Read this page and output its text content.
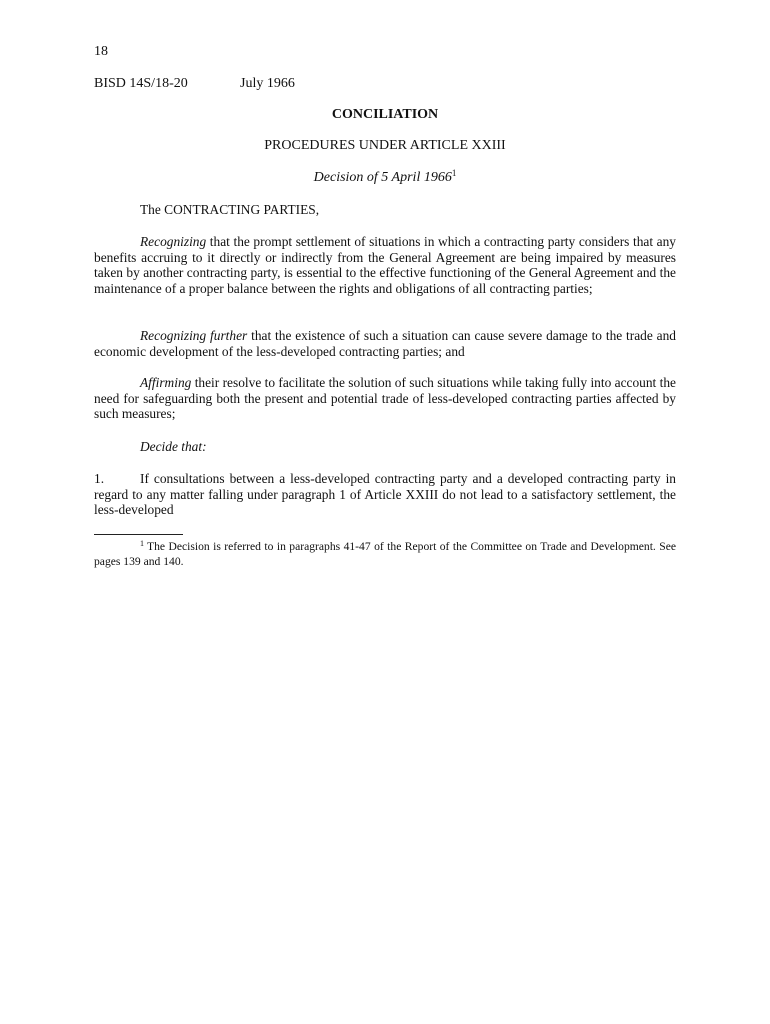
18

BISD 14S/18-20	July 1966

CONCILIATION

PROCEDURES UNDER ARTICLE XXIII

Decision of 5 April 1966$^1$

The CONTRACTING PARTIES,

Recognizing that the prompt settlement of situations in which a contracting party considers that any benefits accruing to it directly or indirectly from the General Agreement are being impaired by measures taken by another contracting party, is essential to the effective functioning of the General Agreement and the maintenance of a proper balance between the rights and obligations of all contracting parties;

Recognizing further that the existence of such a situation can cause severe damage to the trade and economic development of the less-developed contracting parties; and

Affirming their resolve to facilitate the solution of such situations while taking fully into account the need for safeguarding both the present and potential trade of less-developed contracting parties affected by such measures;

Decide that:

1.	If consultations between a less-developed contracting party and a developed contracting party in regard to any matter falling under paragraph 1 of Article XXIII do not lead to a satisfactory settlement, the less-developed

$^1$ The Decision is referred to in paragraphs 41-47 of the Report of the Committee on Trade and Development. See pages 139 and 140.
